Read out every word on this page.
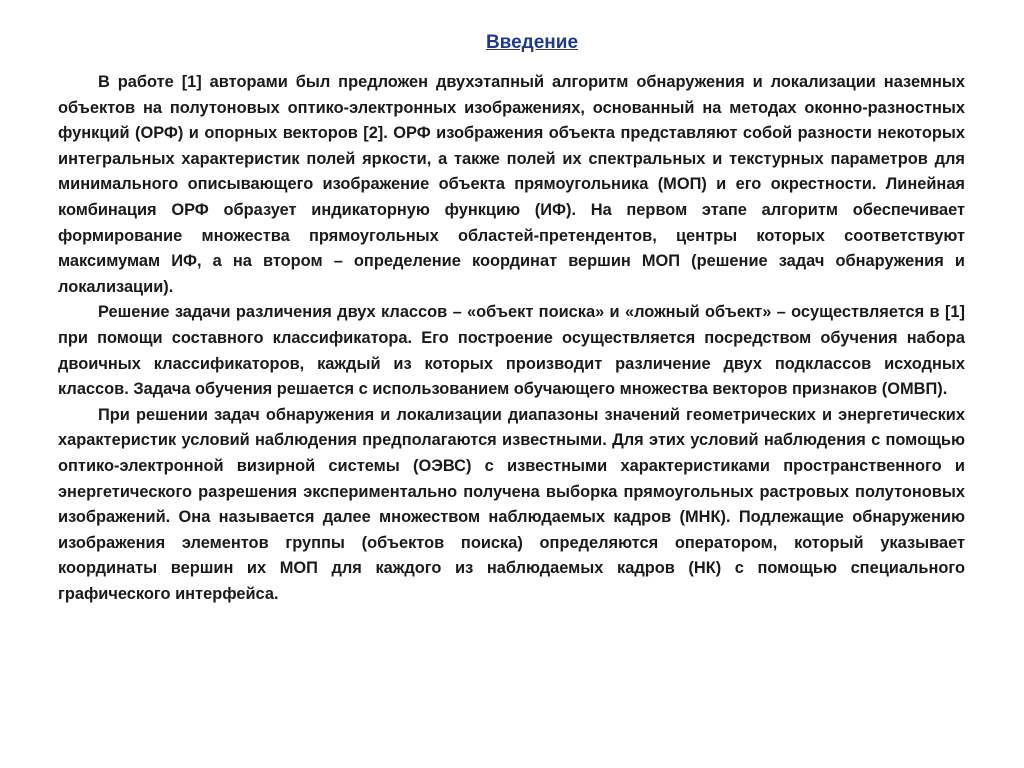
Введение

В работе [1] авторами был предложен двухэтапный алгоритм обнаружения и локализации наземных объектов на полутоновых оптико-электронных изображениях, основанный на методах оконно-разностных функций (ОРФ) и опорных векторов [2]. ОРФ изображения объекта представляют собой разности некоторых интегральных характеристик полей яркости, а также полей их спектральных и текстурных параметров для минимального описывающего изображение объекта прямоугольника (МОП) и его окрестности. Линейная комбинация ОРФ образует индикаторную функцию (ИФ). На первом этапе алгоритм обеспечивает формирование множества прямоугольных областей-претендентов, центры которых соответствуют максимумам ИФ, а на втором – определение координат вершин МОП (решение задач обнаружения и локализации).

Решение задачи различения двух классов – «объект поиска» и «ложный объект» – осуществляется в [1] при помощи составного классификатора. Его построение осуществляется посредством обучения набора двоичных классификаторов, каждый из которых производит различение двух подклассов исходных классов. Задача обучения решается с использованием обучающего множества векторов признаков (ОМВП).

При решении задач обнаружения и локализации диапазоны значений геометрических и энергетических характеристик условий наблюдения предполагаются известными. Для этих условий наблюдения с помощью оптико-электронной визирной системы (ОЭВС) с известными характеристиками пространственного и энергетического разрешения экспериментально получена выборка прямоугольных растровых полутоновых изображений. Она называется далее множеством наблюдаемых кадров (МНК). Подлежащие обнаружению изображения элементов группы (объектов поиска) определяются оператором, который указывает координаты вершин их МОП для каждого из наблюдаемых кадров (НК) с помощью специального графического интерфейса.
